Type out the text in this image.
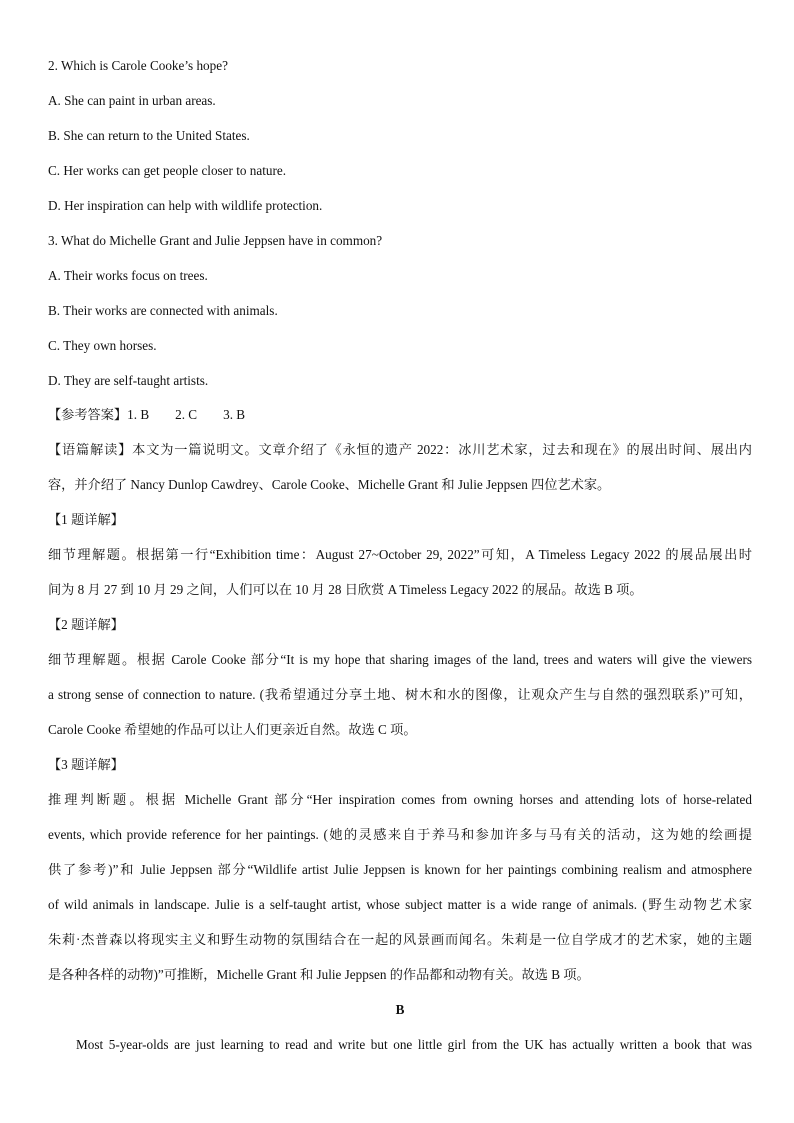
2. Which is Carole Cooke’s hope?

A. She can paint in urban areas.

B. She can return to the United States.

C. Her works can get people closer to nature.

D. Her inspiration can help with wildlife protection.

3. What do Michelle Grant and Julie Jeppsen have in common?

A. Their works focus on trees.

B. Their works are connected with animals.

C. They own horses.

D. They are self-taught artists.

【参考答案】1. B 2. C 3. B

【语篇解读】本文为一篇说明文。文章介绍了《永恒的遗产 2022：冰川艺术家，过去和现在》的展出时间、展出内

容，并介绍了 Nancy Dunlop Cawdrey、Carole Cooke、Michelle Grant 和 Julie Jeppsen 四位艺术家。

【1 题详解】

细节理解题。根据第一行“Exhibition time：August 27~October 29, 2022”可知，A Timeless Legacy 2022 的展品展出时

间为 8 月 27 到 10 月 29 之间，人们可以在 10 月 28 日欣赏 A Timeless Legacy 2022 的展品。故选 B 项。

【2 题详解】

细节理解题。根据 Carole Cooke 部分“It is my hope that sharing images of the land, trees and waters will give the viewers

a strong sense of connection to nature. (我希望通过分享土地、树木和水的图像，让观众产生与自然的强烈联系)”可知，

Carole Cooke 希望她的作品可以让人们更亲近自然。故选 C 项。

【3 题详解】

推理判断题。根据 Michelle Grant 部分“Her inspiration comes from owning horses and attending lots of horse-related

events, which provide reference for her paintings. (她的灵感来自于养马和参加许多与马有关的活动，这为她的绘画提

供了参考)”和 Julie Jeppsen 部分“Wildlife artist Julie Jeppsen is known for her paintings combining realism and atmosphere

of wild animals in landscape. Julie is a self-taught artist, whose subject matter is a wide range of animals. (野生动物艺术家

朱莉·杰普森以将现实主义和野生动物的氛围结合在一起的风景画而闻名。朱莉是一位自学成才的艺术家，她的主题

是各种各样的动物)”可推断，Michelle Grant 和 Julie Jeppsen 的作品都和动物有关。故选 B 项。

B

Most 5-year-olds are just learning to read and write but one little girl from the UK has actually written a book that was
